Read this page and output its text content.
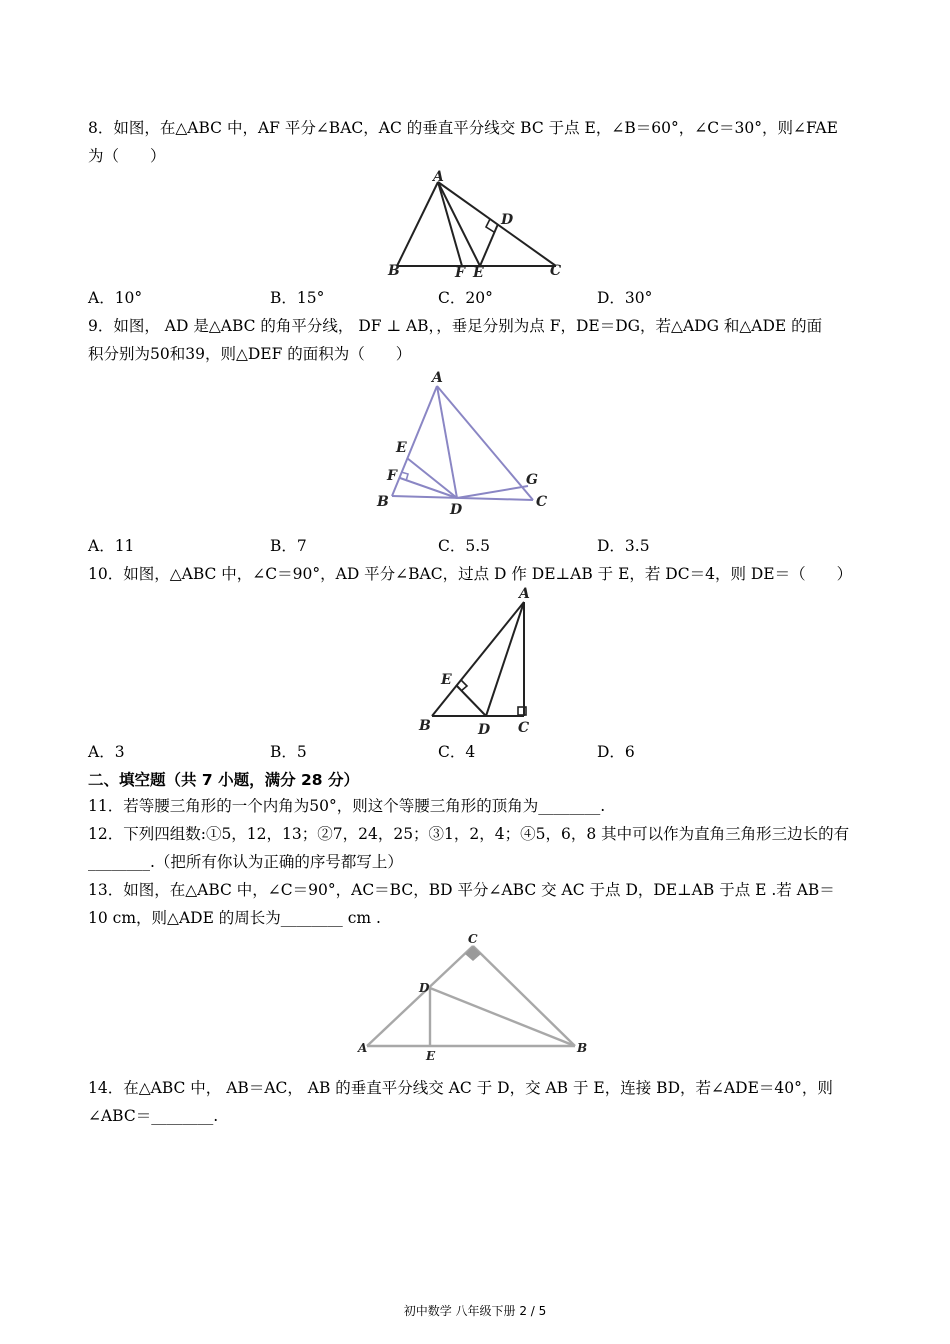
8．如图，在△ABC 中，AF 平分∠BAC，AC 的垂直平分线交 BC 于点 E，∠B＝60°，∠C＝30°，则∠FAE
为（　　）
A
B	C
D
E
F
A．10°	B．15°	C．20°	D．30°
9．如图， AD 是△ABC 的角平分线， DF ⊥ AB，，垂足分别为点 F，DE＝DG，若△ADG 和△ADE 的面
积分别为50和39，则△DEF 的面积为（　　）
A
B	C
D
E
F	G
A．11	B．7	C．5.5	D．3.5
10．如图，△ABC 中，∠C＝90°，AD 平分∠BAC，过点 D 作 DE⊥AB 于 E，若 DC＝4，则 DE＝（　　）
A
B	C
D
E
A．3	B．5	C．4	D．6
二、填空题（共 7 小题，满分 28 分）
11．若等腰三角形的一个内角为50°，则这个等腰三角形的顶角为________.
12．下列四组数:①5，12，13；②7，24，25；③1，2，4；④5，6，8 其中可以作为直角三角形三边长的有
________.（把所有你认为正确的序号都写上）
13．如图，在△ABC 中，∠C＝90°，AC＝BC，BD 平分∠ABC 交 AC 于点 D，DE⊥AB 于点 E .若 AB＝
10 cm，则△ADE 的周长为________ cm .
C
A	B
D
E
14．在△ABC 中， AB＝AC， AB 的垂直平分线交 AC 于 D，交 AB 于 E，连接 BD，若∠ADE＝40°，则
∠ABC＝________.
初中数学 八年级下册 2 / 5
